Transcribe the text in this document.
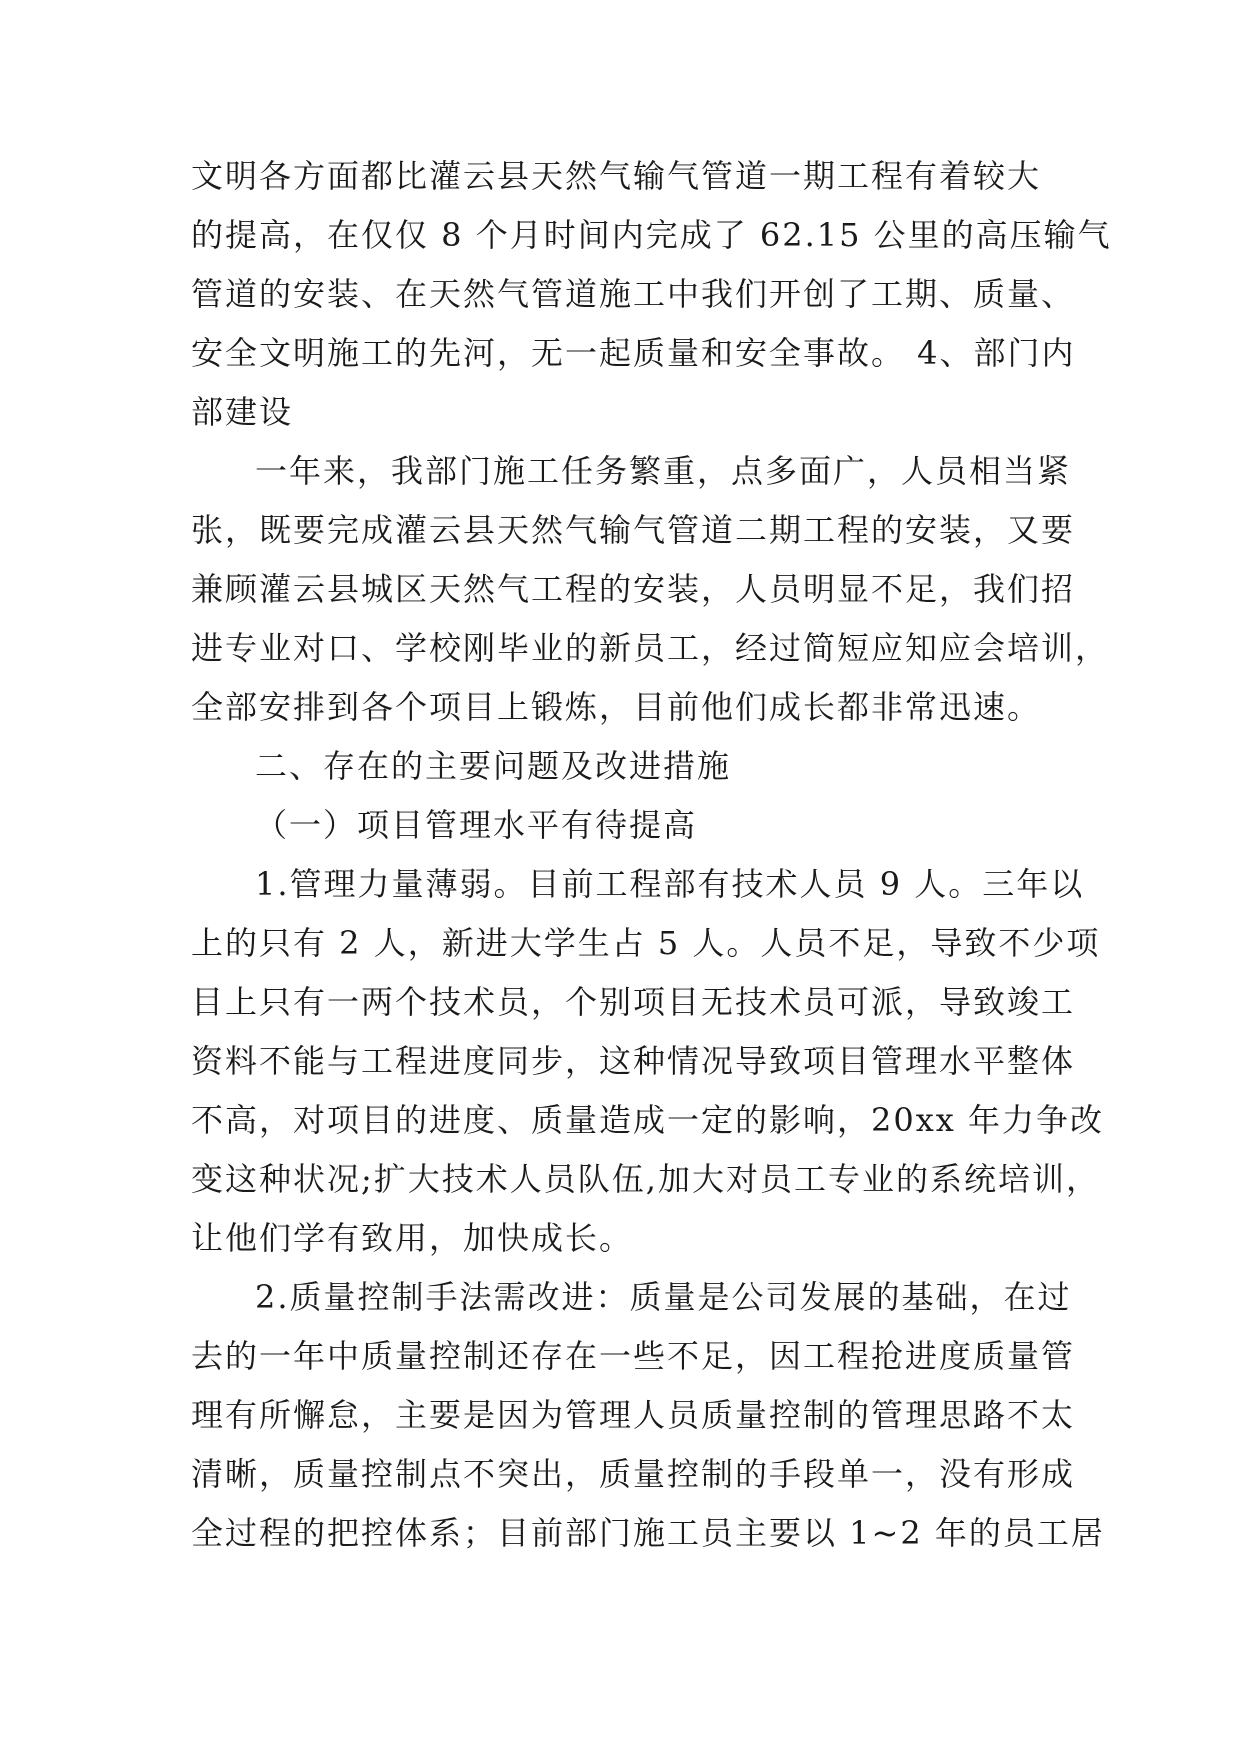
文明各方面都比灌云县天然气输气管道一期工程有着较大
的提高，在仅仅 8 个月时间内完成了 62.15 公里的高压输气
管道的安装、在天然气管道施工中我们开创了工期、质量、
安全文明施工的先河，无一起质量和安全事故。 4、部门内
部建设
一年来，我部门施工任务繁重，点多面广，人员相当紧
张，既要完成灌云县天然气输气管道二期工程的安装，又要
兼顾灌云县城区天然气工程的安装，人员明显不足，我们招
进专业对口、学校刚毕业的新员工，经过简短应知应会培训，
全部安排到各个项目上锻炼，目前他们成长都非常迅速。
二、存在的主要问题及改进措施
（一）项目管理水平有待提高
1.管理力量薄弱。目前工程部有技术人员 9 人。三年以
上的只有 2 人，新进大学生占 5 人。人员不足，导致不少项
目上只有一两个技术员，个别项目无技术员可派，导致竣工
资料不能与工程进度同步，这种情况导致项目管理水平整体
不高，对项目的进度、质量造成一定的影响，20xx 年力争改
变这种状况;扩大技术人员队伍,加大对员工专业的系统培训，
让他们学有致用，加快成长。
2.质量控制手法需改进：质量是公司发展的基础，在过
去的一年中质量控制还存在一些不足，因工程抢进度质量管
理有所懈怠，主要是因为管理人员质量控制的管理思路不太
清晰，质量控制点不突出，质量控制的手段单一，没有形成
全过程的把控体系；目前部门施工员主要以 1~2 年的员工居
